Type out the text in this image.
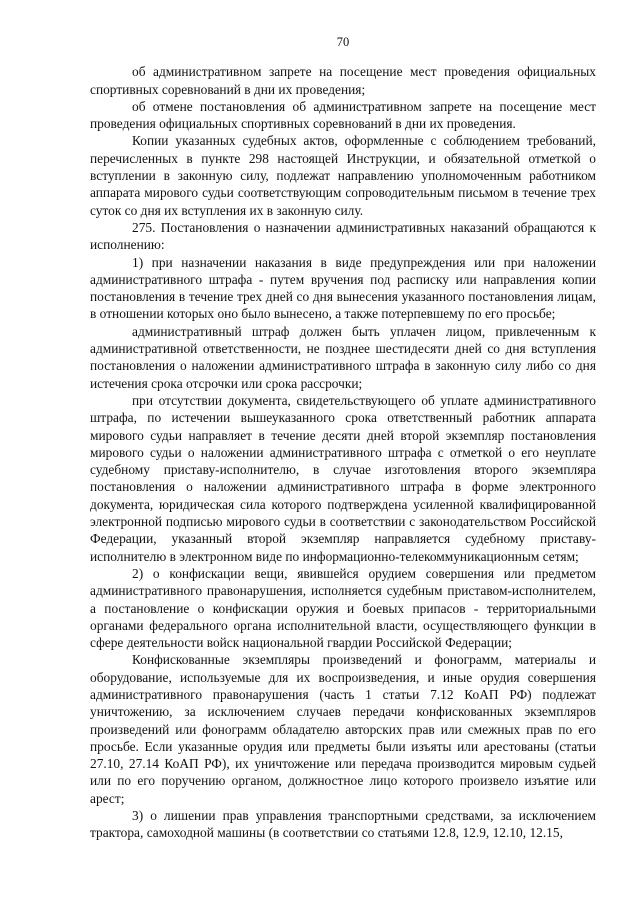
70

об административном запрете на посещение мест проведения официальных спортивных соревнований в дни их проведения;

об отмене постановления об административном запрете на посещение мест проведения официальных спортивных соревнований в дни их проведения.

Копии указанных судебных актов, оформленные с соблюдением требований, перечисленных в пункте 298 настоящей Инструкции, и обязательной отметкой о вступлении в законную силу, подлежат направлению уполномоченным работником аппарата мирового судьи соответствующим сопроводительным письмом в течение трех суток со дня их вступления их в законную силу.

275. Постановления о назначении административных наказаний обращаются к исполнению:

1) при назначении наказания в виде предупреждения или при наложении административного штрафа - путем вручения под расписку или направления копии постановления в течение трех дней со дня вынесения указанного постановления лицам, в отношении которых оно было вынесено, а также потерпевшему по его просьбе;

административный штраф должен быть уплачен лицом, привлеченным к административной ответственности, не позднее шестидесяти дней со дня вступления постановления о наложении административного штрафа в законную силу либо со дня истечения срока отсрочки или срока рассрочки;

при отсутствии документа, свидетельствующего об уплате административного штрафа, по истечении вышеуказанного срока ответственный работник аппарата мирового судьи направляет в течение десяти дней второй экземпляр постановления мирового судьи о наложении административного штрафа с отметкой о его неуплате судебному приставу-исполнителю, в случае изготовления второго экземпляра постановления о наложении административного штрафа в форме электронного документа, юридическая сила которого подтверждена усиленной квалифицированной электронной подписью мирового судьи в соответствии с законодательством Российской Федерации, указанный второй экземпляр направляется судебному приставу-исполнителю в электронном виде по информационно-телекоммуникационным сетям;

2) о конфискации вещи, явившейся орудием совершения или предметом административного правонарушения, исполняется судебным приставом-исполнителем, а постановление о конфискации оружия и боевых припасов - территориальными органами федерального органа исполнительной власти, осуществляющего функции в сфере деятельности войск национальной гвардии Российской Федерации;

Конфискованные экземпляры произведений и фонограмм, материалы и оборудование, используемые для их воспроизведения, и иные орудия совершения административного правонарушения (часть 1 статьи 7.12 КоАП РФ) подлежат уничтожению, за исключением случаев передачи конфискованных экземпляров произведений или фонограмм обладателю авторских прав или смежных прав по его просьбе. Если указанные орудия или предметы были изъяты или арестованы (статьи 27.10, 27.14 КоАП РФ), их уничтожение или передача производится мировым судьей или по его поручению органом, должностное лицо которого произвело изъятие или арест;

3) о лишении прав управления транспортными средствами, за исключением трактора, самоходной машины (в соответствии со статьями 12.8, 12.9, 12.10, 12.15,
